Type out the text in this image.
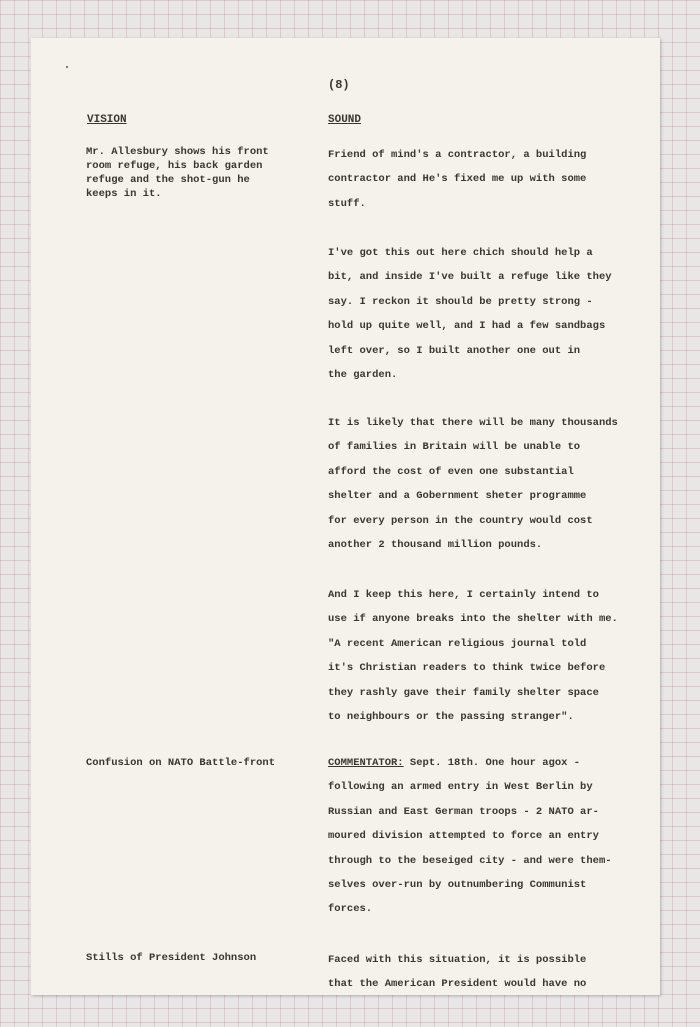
(8)
VISION	SOUND
Mr. Allesbury shows his front
room refuge, his back garden
refuge and the shot-gun he
keeps in it.
Confusion on NATO Battle-front
Stills of President Johnson

Friend of mind's a contractor, a building
contractor and He's fixed me up with some
stuff.

I've got this out here chich should help a
bit, and inside I've built a refuge like they
say. I reckon it should be pretty strong -
hold up quite well, and I had a few sandbags
left over, so I built another one out in
the garden.

It is likely that there will be many thousands
of families in Britain will be unable to
afford the cost of even one substantial
shelter and a Gobernment sheter programme
for every person in the country would cost
another 2 thousand million pounds.

And I keep this here, I certainly intend to
use if anyone breaks into the shelter with me.
"A recent American religious journal told
it's Christian readers to think twice before
they rashly gave their family shelter space
to neighbours or the passing stranger".

COMMENTATOR: Sept. 18th. One hour agox -
following an armed entry in West Berlin by
Russian and East German troops - 2 NATO ar-
moured division attempted to force an entry
through to the beseiged city - and were them-
selves over-run by outnumbering Communist
forces.

Faced with this situation, it is possible
that the American President would have no
